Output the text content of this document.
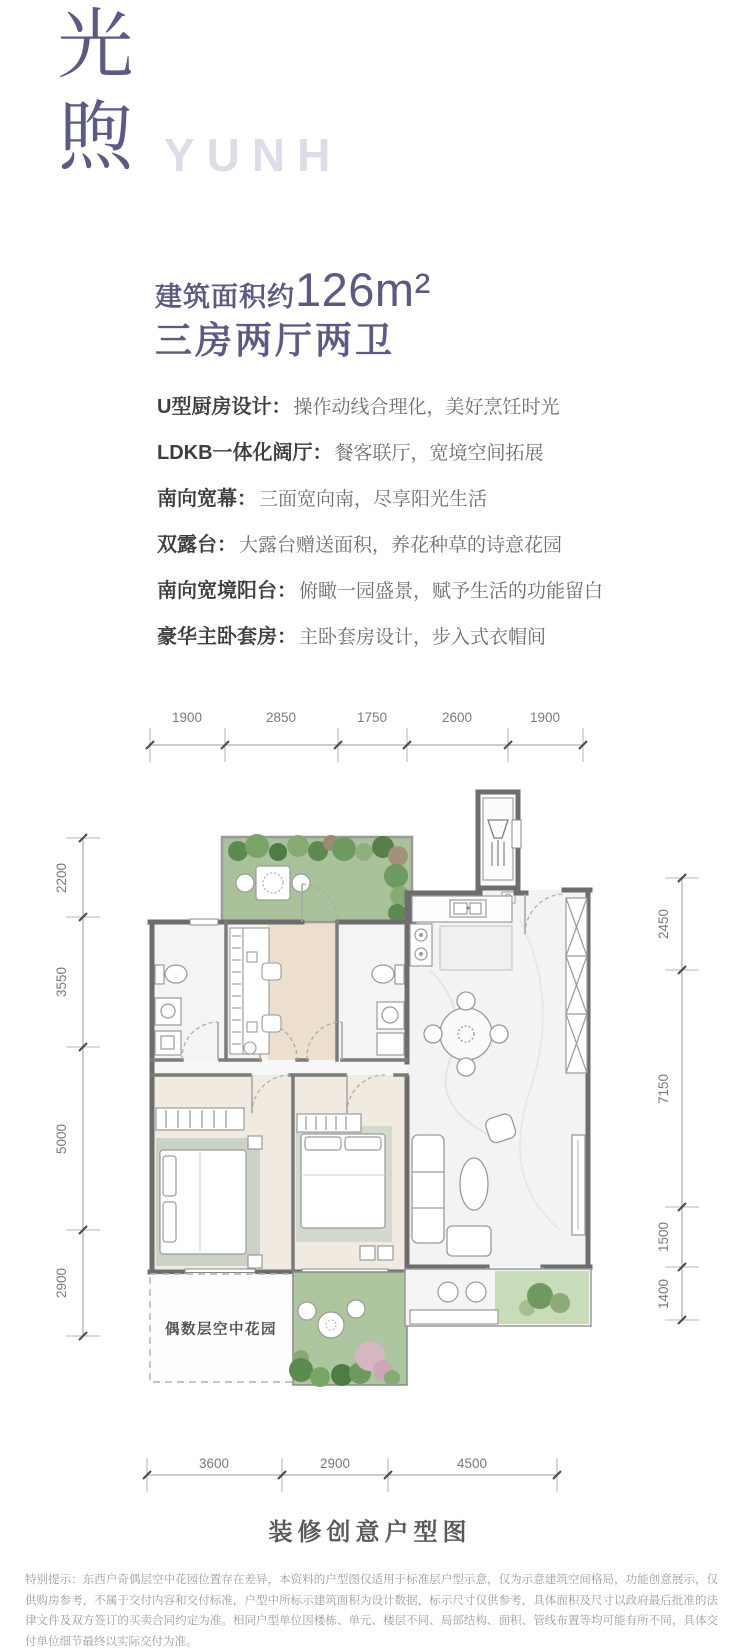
光煦 YUNH
建筑面积约 126m²
三房两厅两卫
U型厨房设计： 操作动线合理化，美好烹饪时光
LDKB一体化阔厅： 餐客联厅，宽境空间拓展
南向宽幕： 三面宽向南，尽享阳光生活
双露台： 大露台赠送面积，养花种草的诗意花园
南向宽境阳台： 俯瞰一园盛景，赋予生活的功能留白
豪华主卧套房： 主卧套房设计，步入式衣帽间
偶数层空中花园
1900	2850	1750	2600	1900
2200
3550
5000
2900
2450
7150
1500
1400
3600	2900	4500
装修创意户型图
特别提示：东西户奇偶层空中花园位置存在差异，本资料的户型图仅适用于标准层户型示意，仅为示意建筑空间格局，功能创意展示，仅供购房参考，不属于交付内容和交付标准，户型中所标示建筑面积为设计数据，标示尺寸仅供参考，具体面积及尺寸以政府最后批准的法律文件及双方签订的买卖合同约定为准。相同户型单位因楼栋、单元、楼层不同、局部结构、面积、管线布置等均可能有所不同，具体交付单位细节最终以实际交付为准。
